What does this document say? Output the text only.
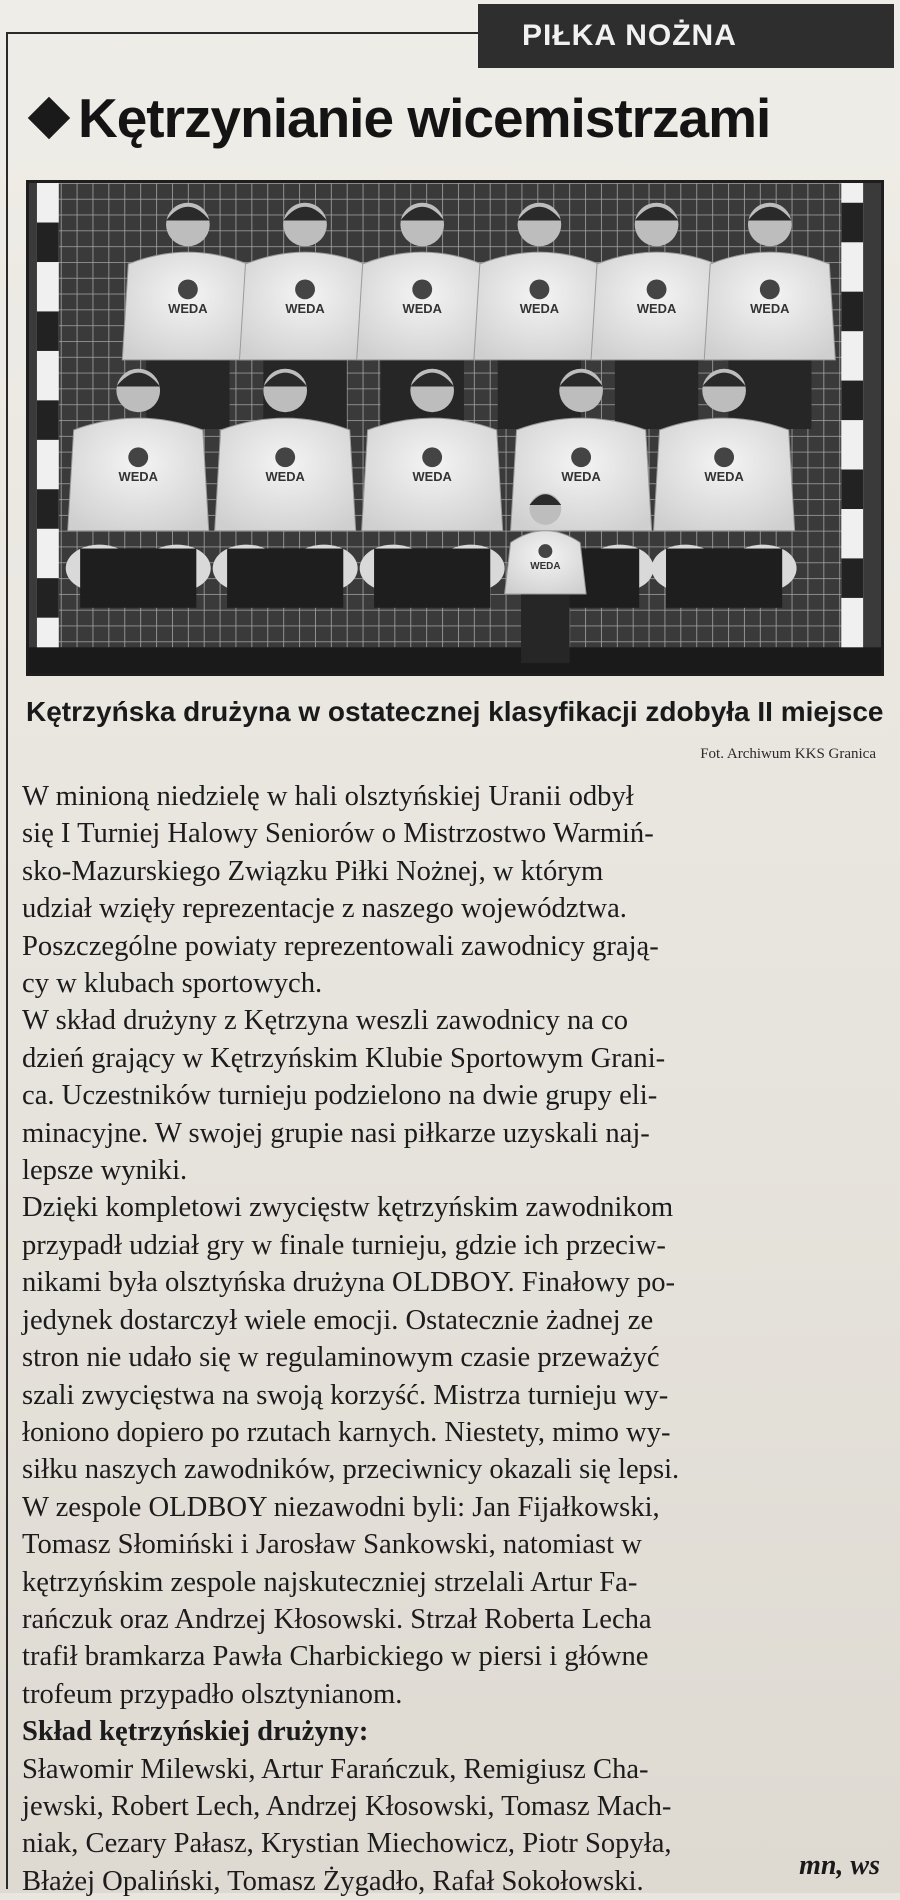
PIŁKA NOŻNA
Kętrzynianie wicemistrzami
WEDA	WEDA	WEDA	WEDA	WEDA	WEDA
WEDA	WEDA	WEDA	WEDA	WEDA
WEDA
Kętrzyńska drużyna w ostatecznej klasyfikacji zdobyła II miejsce
Fot. Archiwum KKS Granica

W minioną niedzielę w hali olsztyńskiej Uranii odbył
się I Turniej Halowy Seniorów o Mistrzostwo Warmiń-
sko-Mazurskiego Związku Piłki Nożnej, w którym
udział wzięły reprezentacje z naszego województwa.
Poszczególne powiaty reprezentowali zawodnicy grają-
cy w klubach sportowych.

W skład drużyny z Kętrzyna weszli zawodnicy na co
dzień grający w Kętrzyńskim Klubie Sportowym Grani-
ca. Uczestników turnieju podzielono na dwie grupy eli-
minacyjne. W swojej grupie nasi piłkarze uzyskali naj-
lepsze wyniki.

Dzięki kompletowi zwycięstw kętrzyńskim zawodnikom
przypadł udział gry w finale turnieju, gdzie ich przeciw-
nikami była olsztyńska drużyna OLDBOY. Finałowy po-
jedynek dostarczył wiele emocji. Ostatecznie żadnej ze
stron nie udało się w regulaminowym czasie przeważyć
szali zwycięstwa na swoją korzyść. Mistrza turnieju wy-
łoniono dopiero po rzutach karnych. Niestety, mimo wy-
siłku naszych zawodników, przeciwnicy okazali się lepsi.
W zespole OLDBOY niezawodni byli: Jan Fijałkowski,
Tomasz Słomiński i Jarosław Sankowski, natomiast w
kętrzyńskim zespole najskuteczniej strzelali Artur Fa-
rańczuk oraz Andrzej Kłosowski. Strzał Roberta Lecha
trafił bramkarza Pawła Charbickiego w piersi i główne
trofeum przypadło olsztynianom.

Skład kętrzyńskiej drużyny:

Sławomir Milewski, Artur Farańczuk, Remigiusz Cha-
jewski, Robert Lech, Andrzej Kłosowski, Tomasz Mach-
niak, Cezary Pałasz, Krystian Miechowicz, Piotr Sopyła,
Błażej Opaliński, Tomasz Żygadło, Rafał Sokołowski.

mn, ws
